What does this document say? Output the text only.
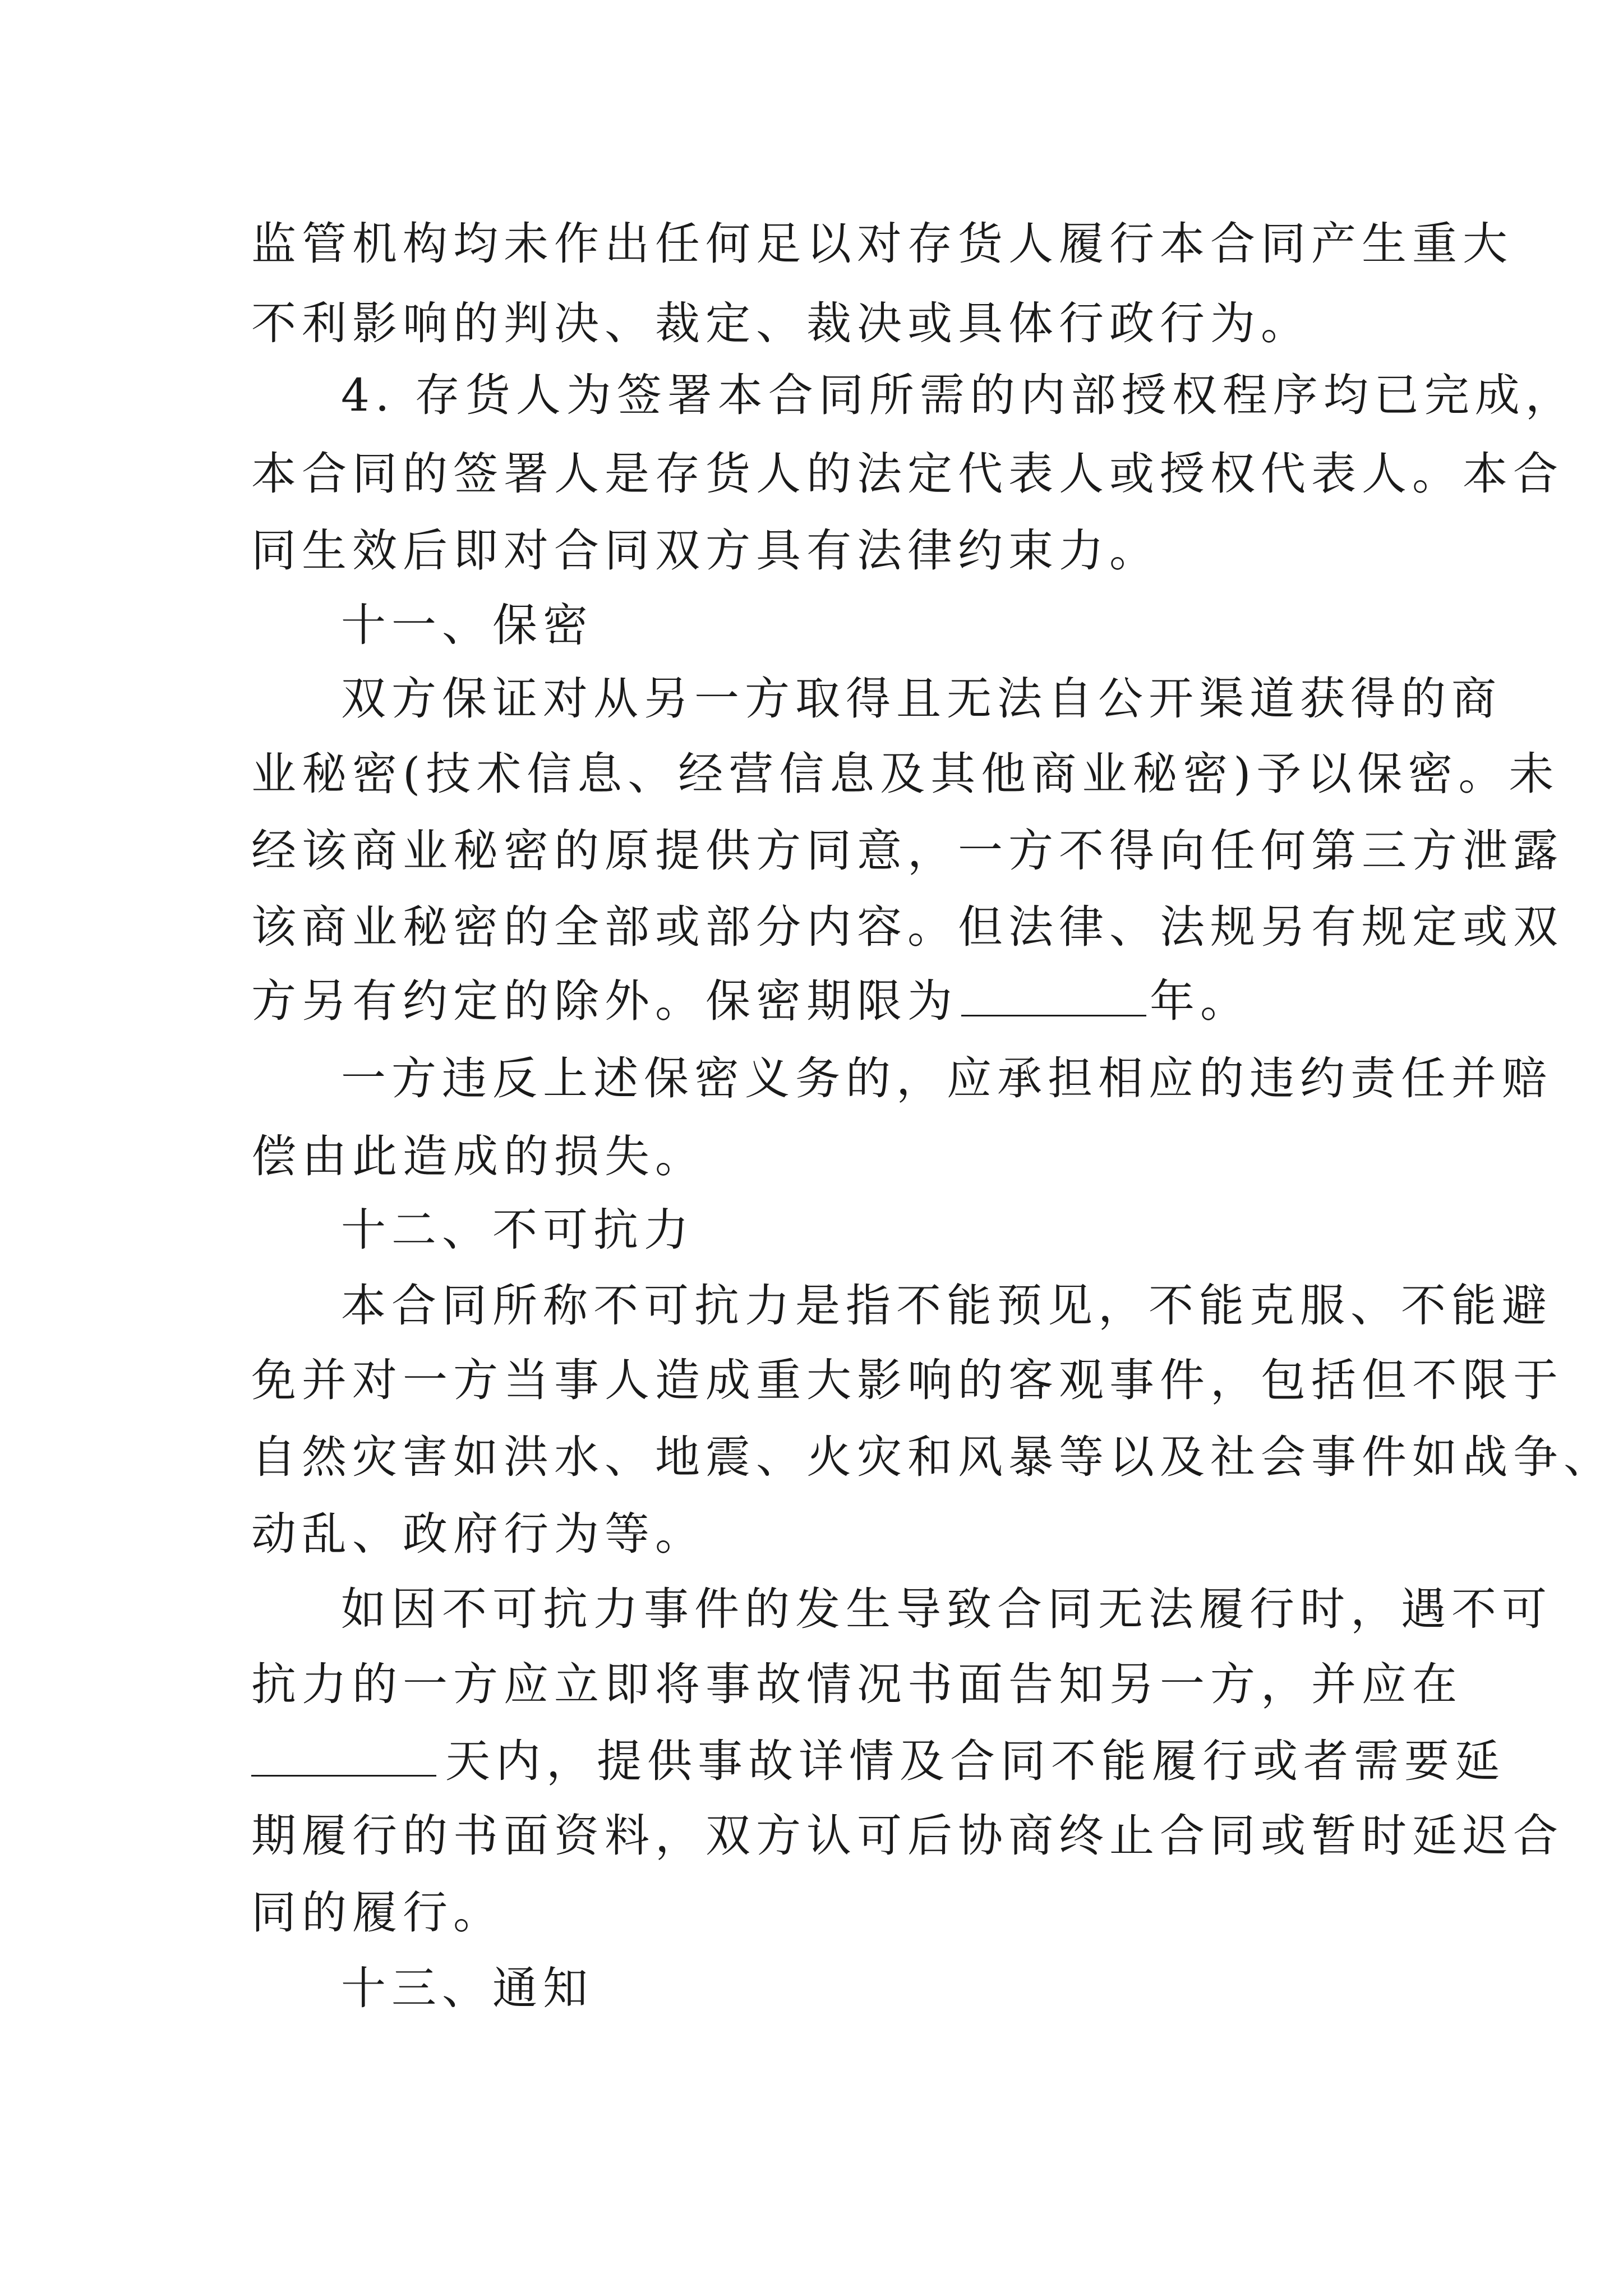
监管机构均未作出任何足以对存货人履行本合同产生重大

不利影响的判决、裁定、裁决或具体行政行为。

4. 存货人为签署本合同所需的内部授权程序均已完成，

本合同的签署人是存货人的法定代表人或授权代表人。本合

同生效后即对合同双方具有法律约束力。

十一、保密

双方保证对从另一方取得且无法自公开渠道获得的商

业秘密(技术信息、经营信息及其他商业秘密)予以保密。未

经该商业秘密的原提供方同意，一方不得向任何第三方泄露

该商业秘密的全部或部分内容。但法律、法规另有规定或双

方另有约定的除外。保密期限为	年。

一方违反上述保密义务的，应承担相应的违约责任并赔

偿由此造成的损失。

十二、不可抗力

本合同所称不可抗力是指不能预见，不能克服、不能避

免并对一方当事人造成重大影响的客观事件，包括但不限于

自然灾害如洪水、地震、火灾和风暴等以及社会事件如战争、

动乱、政府行为等。

如因不可抗力事件的发生导致合同无法履行时，遇不可

抗力的一方应立即将事故情况书面告知另一方，并应在

天内，提供事故详情及合同不能履行或者需要延

期履行的书面资料，双方认可后协商终止合同或暂时延迟合

同的履行。

十三、通知
